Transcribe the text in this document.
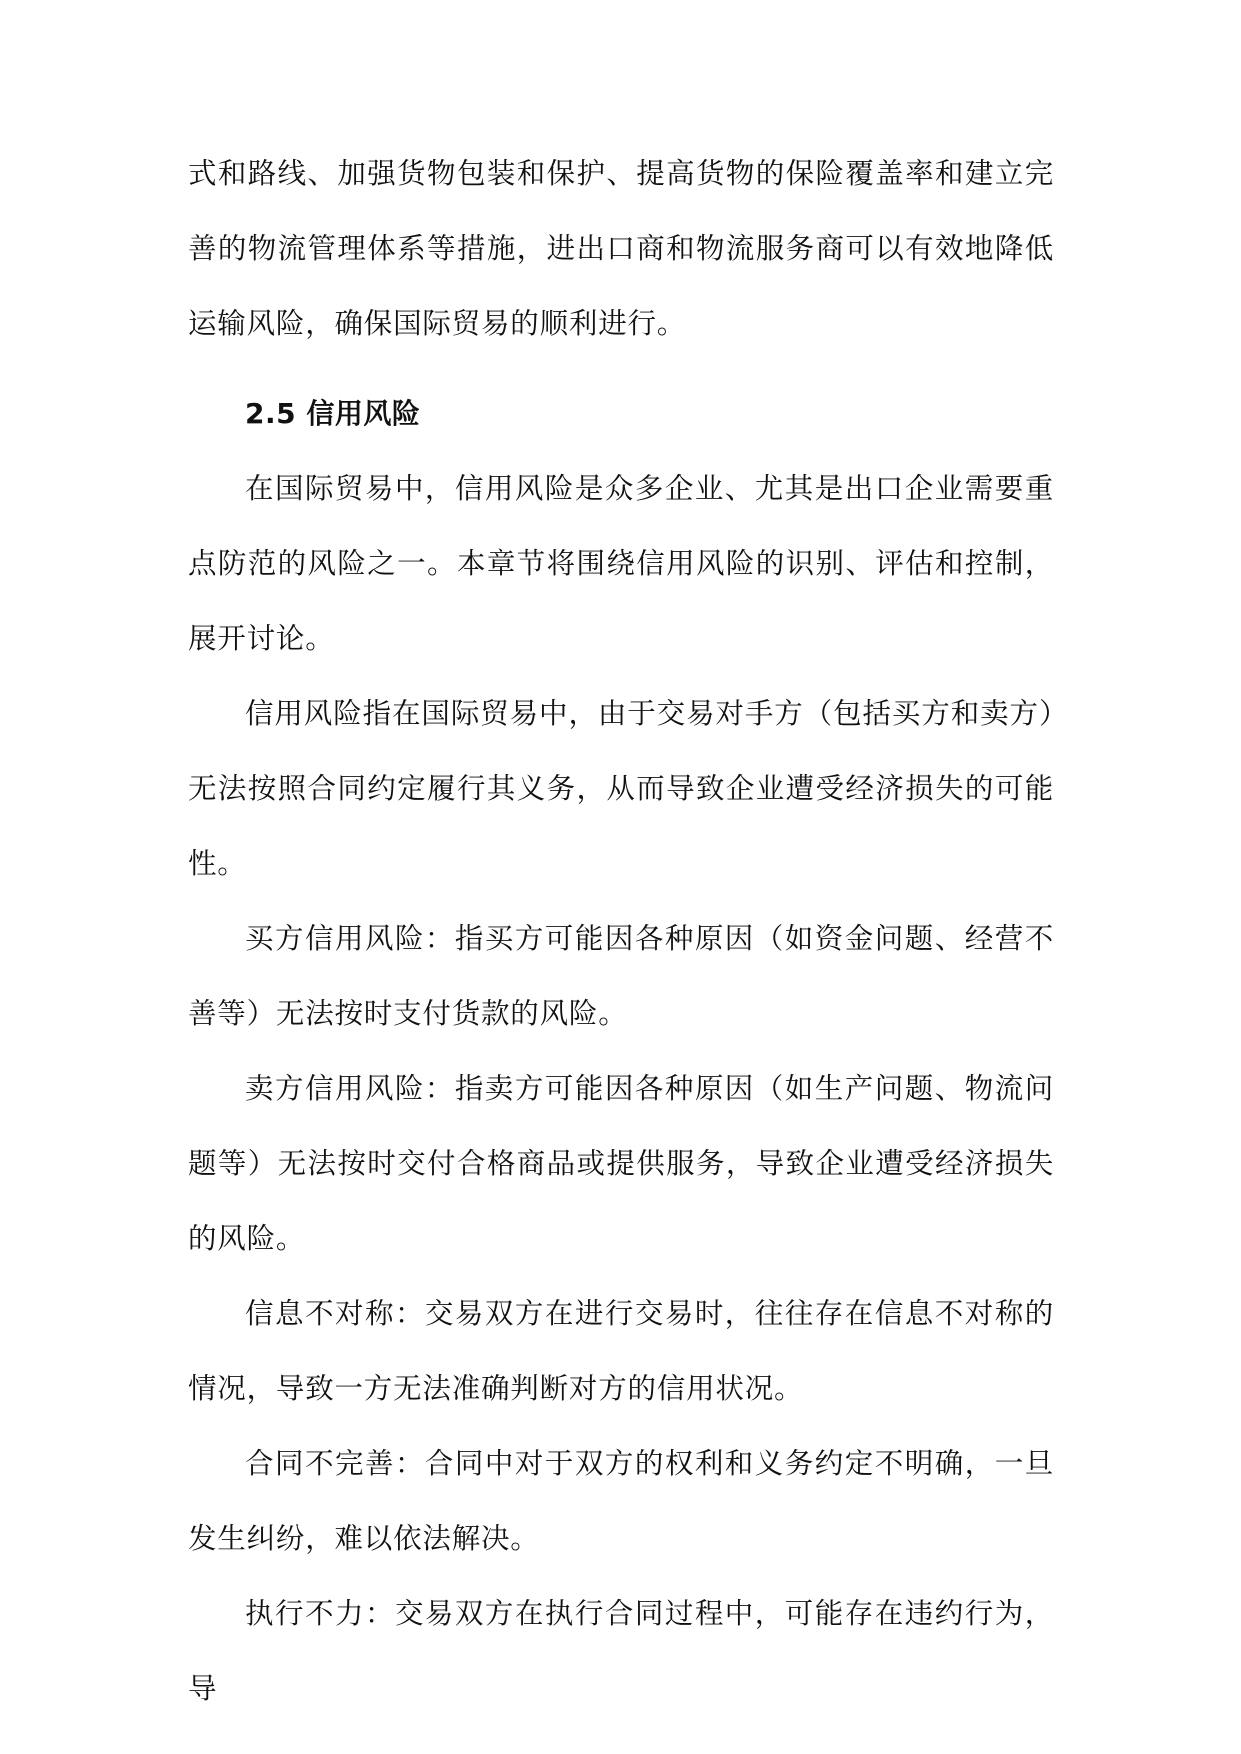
式和路线、加强货物包装和保护、提高货物的保险覆盖率和建立完善的物流管理体系等措施，进出口商和物流服务商可以有效地降低运输风险，确保国际贸易的顺利进行。

2.5 信用风险

在国际贸易中，信用风险是众多企业、尤其是出口企业需要重点防范的风险之一。本章节将围绕信用风险的识别、评估和控制，展开讨论。

信用风险指在国际贸易中，由于交易对手方（包括买方和卖方）无法按照合同约定履行其义务，从而导致企业遭受经济损失的可能性。

买方信用风险：指买方可能因各种原因（如资金问题、经营不善等）无法按时支付货款的风险。

卖方信用风险：指卖方可能因各种原因（如生产问题、物流问题等）无法按时交付合格商品或提供服务，导致企业遭受经济损失的风险。

信息不对称：交易双方在进行交易时，往往存在信息不对称的情况，导致一方无法准确判断对方的信用状况。

合同不完善：合同中对于双方的权利和义务约定不明确，一旦发生纠纷，难以依法解决。

执行不力：交易双方在执行合同过程中，可能存在违约行为，导
